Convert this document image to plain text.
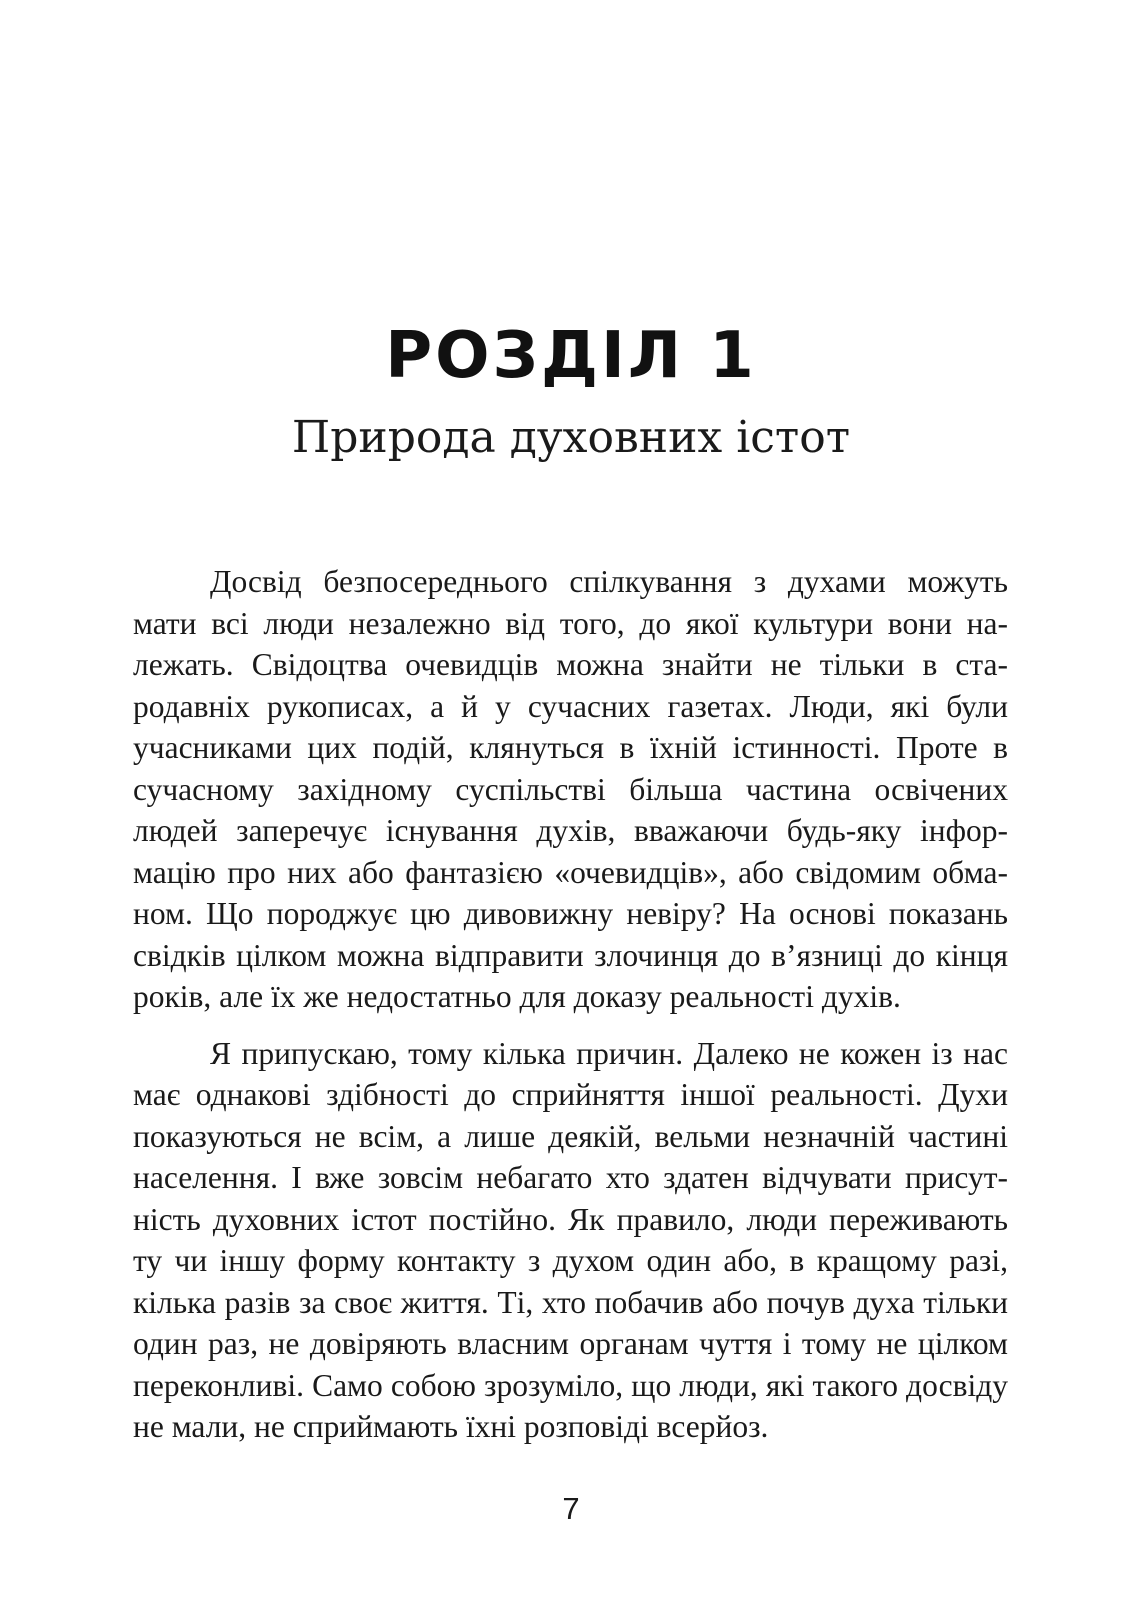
РОЗДІЛ 1
Природа духовних істот

Досвід безпосереднього спілкування з духами можуть мати всі люди незалежно від того, до якої культури вони належать. Свідоцтва очевидців можна знайти не тільки в стародавніх рукописах, а й у сучасних газетах. Люди, які були учасниками цих подій, клянуться в їхній істинності. Проте в сучасному західному суспільстві більша частина освічених людей заперечує існування духів, вважаючи будь-яку інформацію про них або фантазією «очевидців», або свідомим обманом. Що породжує цю дивовижну невіру? На основі показань свідків цілком можна відправити злочинця до в’язниці до кінця років, але їх же недостатньо для доказу реальності духів.

Я припускаю, тому кілька причин. Далеко не кожен із нас має однакові здібності до сприйняття іншої реальності. Духи показуються не всім, а лише деякій, вельми незначній частині населення. І вже зовсім небагато хто здатен відчувати присутність духовних істот постійно. Як правило, люди переживають ту чи іншу форму контакту з духом один або, в кращому разі, кілька разів за своє життя. Ті, хто побачив або почув духа тільки один раз, не довіряють власним органам чуття і тому не цілком переконливі. Само собою зрозуміло, що люди, які такого досвіду не мали, не сприймають їхні розповіді всерйоз.

7
